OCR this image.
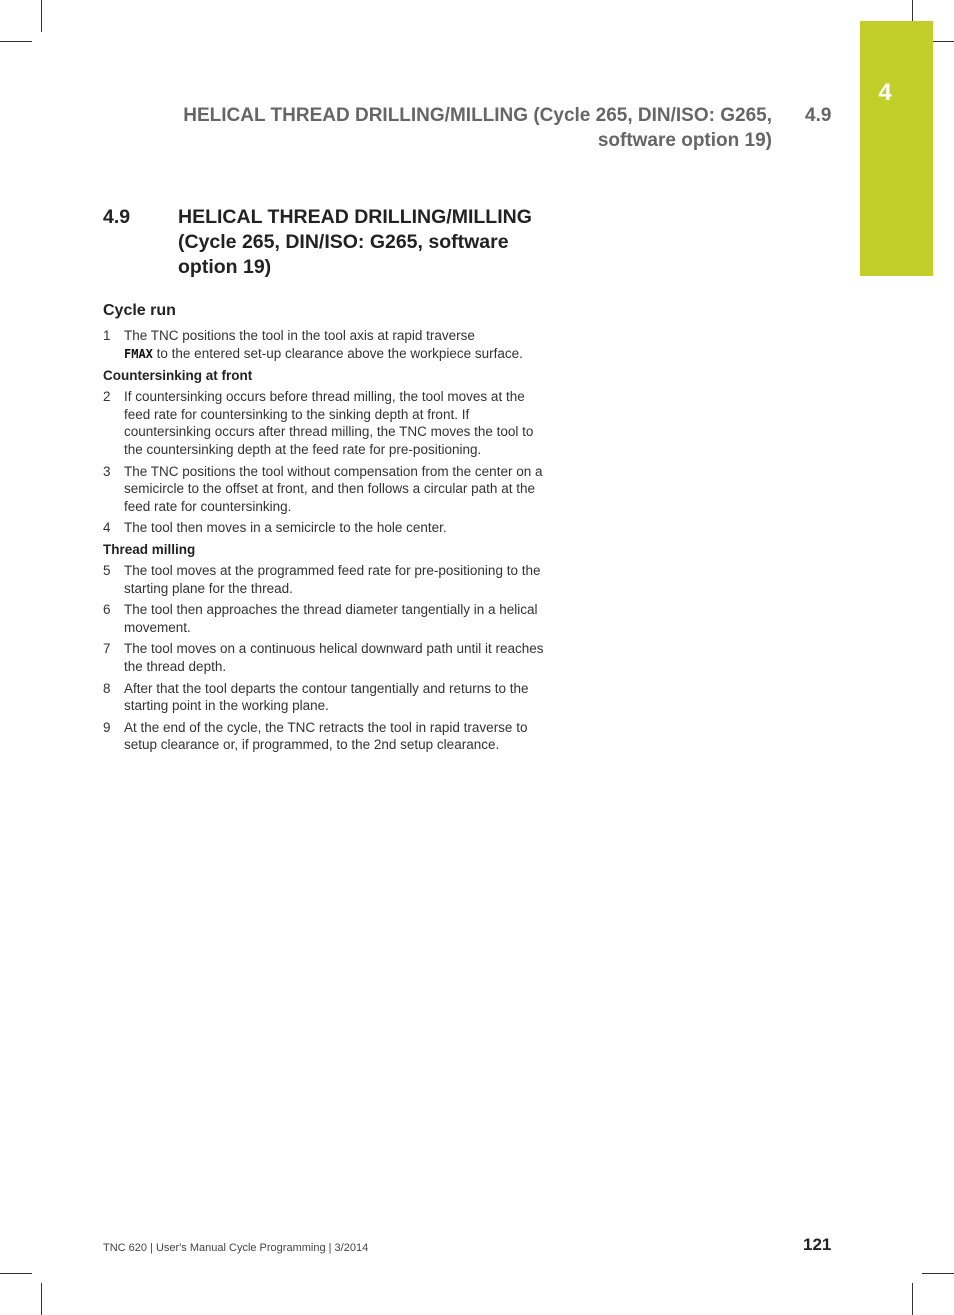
4
HELICAL THREAD DRILLING/MILLING (Cycle 265, DIN/ISO: G265,
software option 19)
4.9
4.9 HELICAL THREAD DRILLING/MILLING
(Cycle 265, DIN/ISO: G265, software
option 19)
Cycle run
1 The TNC positions the tool in the tool axis at rapid traverse
FMAX to the entered set-up clearance above the workpiece surface.
Countersinking at front
2 If countersinking occurs before thread milling, the tool moves at the feed rate for countersinking to the sinking depth at front. If countersinking occurs after thread milling, the TNC moves the tool to the countersinking depth at the feed rate for pre-positioning.
3 The TNC positions the tool without compensation from the center on a semicircle to the offset at front, and then follows a circular path at the feed rate for countersinking.
4 The tool then moves in a semicircle to the hole center.
Thread milling
5 The tool moves at the programmed feed rate for pre-positioning to the starting plane for the thread.
6 The tool then approaches the thread diameter tangentially in a helical movement.
7 The tool moves on a continuous helical downward path until it reaches the thread depth.
8 After that the tool departs the contour tangentially and returns to the starting point in the working plane.
9 At the end of the cycle, the TNC retracts the tool in rapid traverse to setup clearance or, if programmed, to the 2nd setup clearance.
TNC 620 | User's Manual Cycle Programming | 3/2014	121
